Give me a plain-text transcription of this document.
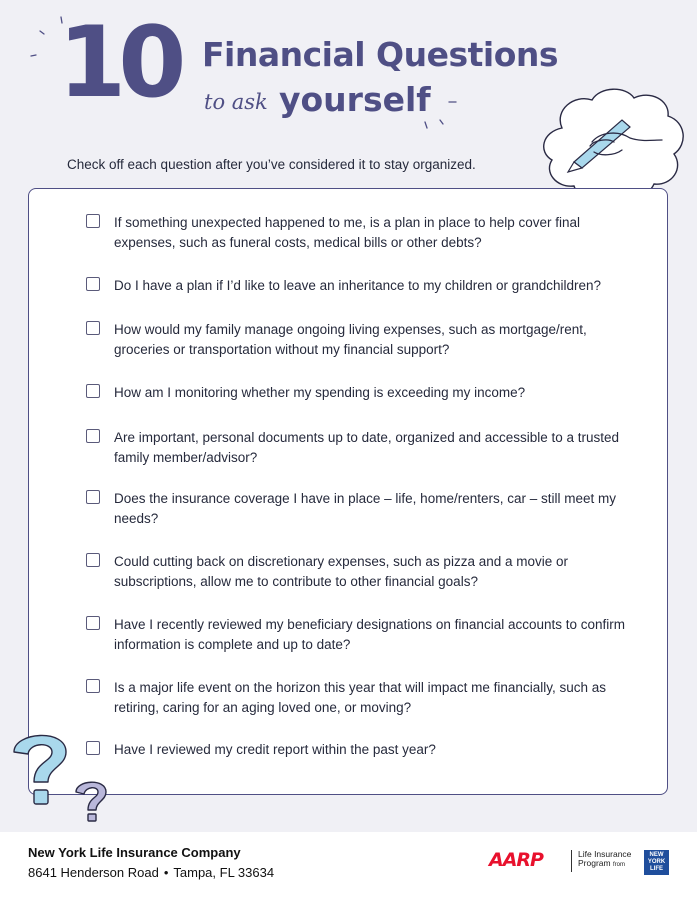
10 Financial Questions
to ask yourself
Check off each question after you’ve considered it to stay organized.
If something unexpected happened to me, is a plan in place to help cover final expenses, such as funeral costs, medical bills or other debts?
Do I have a plan if I’d like to leave an inheritance to my children or grandchildren?
How would my family manage ongoing living expenses, such as mortgage/rent, groceries or transportation without my financial support?
How am I monitoring whether my spending is exceeding my income?
Are important, personal documents up to date, organized and accessible to a trusted family member/advisor?
Does the insurance coverage I have in place – life, home/renters, car – still meet my needs?
Could cutting back on discretionary expenses, such as pizza and a movie or subscriptions, allow me to contribute to other financial goals?
Have I recently reviewed my beneficiary designations on financial accounts to confirm information is complete and up to date?
Is a major life event on the horizon this year that will impact me financially, such as retiring, caring for an aging loved one, or moving?
Have I reviewed my credit report within the past year?
New York Life Insurance Company
8641 Henderson Road • Tampa, FL 33634
AARP	Life Insurance
Program from
NEW
YORK
LIFE
